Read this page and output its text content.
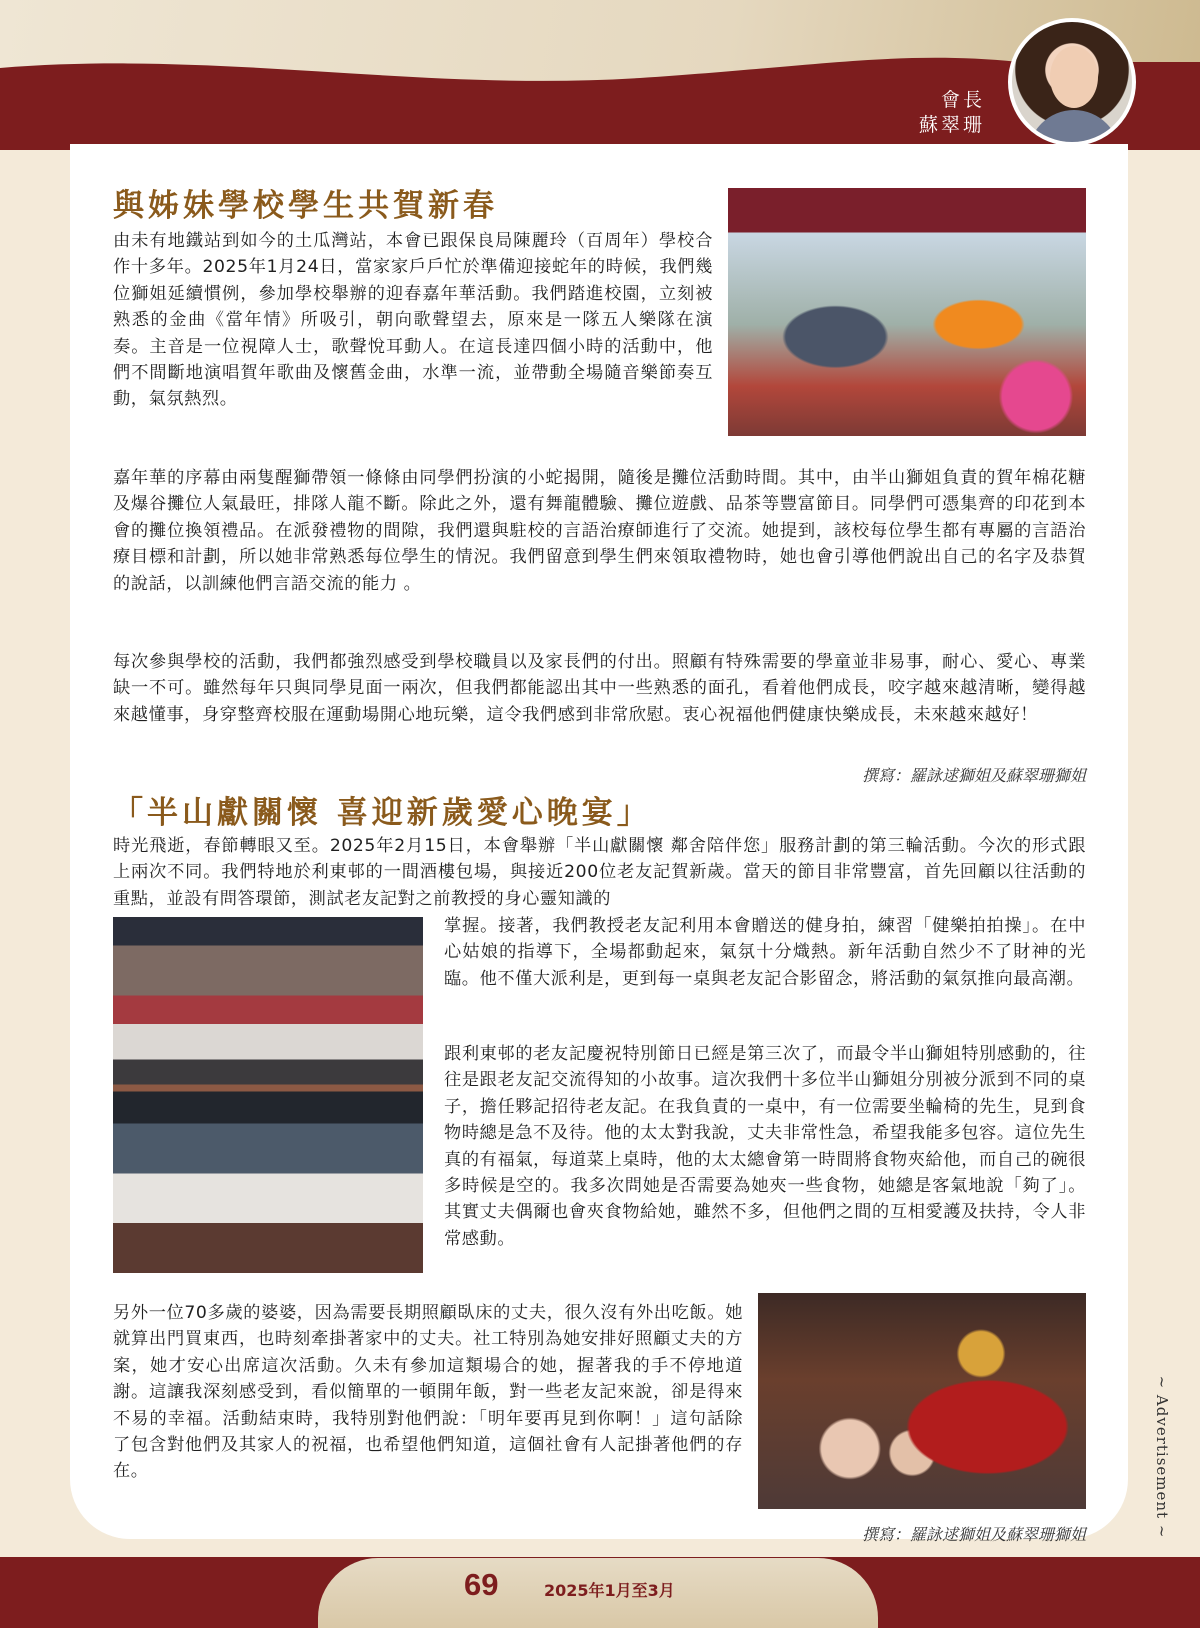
會長
蘇翠珊
與姊妹學校學生共賀新春
由未有地鐵站到如今的土瓜灣站，本會已跟保良局陳麗玲（百周年）學校合作十多年。2025年1月24日，當家家戶戶忙於準備迎接蛇年的時候，我們幾位獅姐延續慣例，參加學校舉辦的迎春嘉年華活動。我們踏進校園，立刻被熟悉的金曲《當年情》所吸引，朝向歌聲望去，原來是一隊五人樂隊在演奏。主音是一位視障人士，歌聲悅耳動人。在這長達四個小時的活動中，他們不間斷地演唱賀年歌曲及懷舊金曲，水準一流，並帶動全場隨音樂節奏互動，氣氛熱烈。
嘉年華的序幕由兩隻醒獅帶領一條條由同學們扮演的小蛇揭開，隨後是攤位活動時間。其中，由半山獅姐負責的賀年棉花糖及爆谷攤位人氣最旺，排隊人龍不斷。除此之外，還有舞龍體驗、攤位遊戲、品茶等豐富節目。同學們可憑集齊的印花到本會的攤位換領禮品。在派發禮物的間隙，我們還與駐校的言語治療師進行了交流。她提到，該校每位學生都有專屬的言語治療目標和計劃，所以她非常熟悉每位學生的情況。我們留意到學生們來領取禮物時，她也會引導他們說出自己的名字及恭賀的說話，以訓練他們言語交流的能力 。
每次參與學校的活動，我們都強烈感受到學校職員以及家長們的付出。照顧有特殊需要的學童並非易事，耐心、愛心、專業缺一不可。雖然每年只與同學見面一兩次，但我們都能認出其中一些熟悉的面孔，看着他們成長，咬字越來越清晰，變得越來越懂事，身穿整齊校服在運動場開心地玩樂，這令我們感到非常欣慰。衷心祝福他們健康快樂成長，未來越來越好！
撰寫：羅詠逑獅姐及蘇翠珊獅姐
「半山獻關懷 喜迎新歲愛心晚宴」
時光飛逝，春節轉眼又至。2025年2月15日，本會舉辦「半山獻關懷 鄰舍陪伴您」服務計劃的第三輪活動。今次的形式跟上兩次不同。我們特地於利東邨的一間酒樓包場，與接近200位老友記賀新歲。當天的節目非常豐富，首先回顧以往活動的重點，並設有問答環節，測試老友記對之前教授的身心靈知識的
掌握。接著，我們教授老友記利用本會贈送的健身拍，練習「健樂拍拍操」。在中心姑娘的指導下，全場都動起來，氣氛十分熾熱。新年活動自然少不了財神的光臨。他不僅大派利是，更到每一桌與老友記合影留念，將活動的氣氛推向最高潮。
跟利東邨的老友記慶祝特別節日已經是第三次了，而最令半山獅姐特別感動的，往往是跟老友記交流得知的小故事。這次我們十多位半山獅姐分別被分派到不同的桌子，擔任夥記招待老友記。在我負責的一桌中，有一位需要坐輪椅的先生，見到食物時總是急不及待。他的太太對我說，丈夫非常性急，希望我能多包容。這位先生真的有福氣，每道菜上桌時，他的太太總會第一時間將食物夾給他，而自己的碗很多時候是空的。我多次問她是否需要為她夾一些食物，她總是客氣地說「夠了」。其實丈夫偶爾也會夾食物給她，雖然不多，但他們之間的互相愛護及扶持，令人非常感動。
另外一位70多歲的婆婆，因為需要長期照顧臥床的丈夫，很久沒有外出吃飯。她就算出門買東西，也時刻牽掛著家中的丈夫。社工特別為她安排好照顧丈夫的方案，她才安心出席這次活動。久未有參加這類場合的她，握著我的手不停地道謝。這讓我深刻感受到，看似簡單的一頓開年飯，對一些老友記來說，卻是得來不易的幸福。活動結束時，我特別對他們說：「明年要再見到你啊！」這句話除了包含對他們及其家人的祝福，也希望他們知道，這個社會有人記掛著他們的存在。
撰寫：羅詠逑獅姐及蘇翠珊獅姐	~ Advertisement ~
69	2025年1月至3月
